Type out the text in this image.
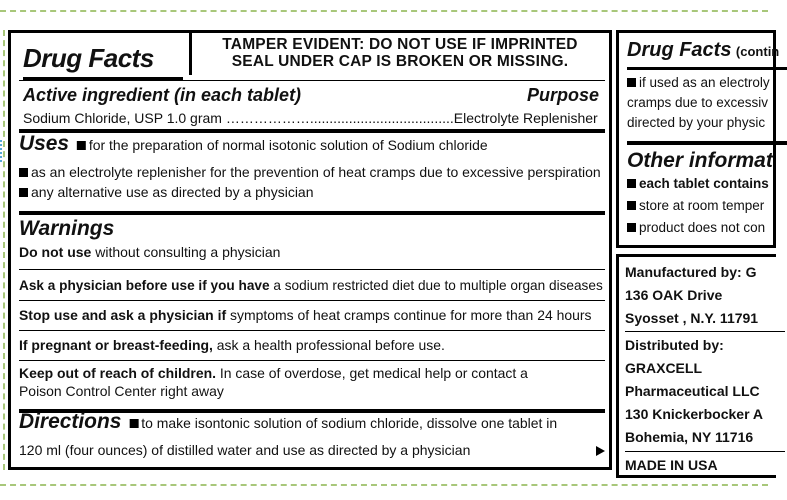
Drug Facts	TAMPER EVIDENT: DO NOT USE IF IMPRINTED
SEAL UNDER CAP IS BROKEN OR MISSING.
Active ingredient (in each tablet)	Purpose
Sodium Chloride, USP 1.0 gram ……………….....................................Electrolyte Replenisher
Uses for the preparation of normal isotonic solution of Sodium chloride
as an electrolyte replenisher for the prevention of heat cramps due to excessive perspiration
any alternative use as directed by a physician
Warnings
Do not use without consulting a physician
Ask a physician before use if you have a sodium restricted diet due to multiple organ diseases
Stop use and ask a physician if symptoms of heat cramps continue for more than 24 hours
If pregnant or breast-feeding, ask a health professional before use.
Keep out of reach of children. In case of overdose, get medical help or contact a
Poison Control Center right away
Directions to make isontonic solution of sodium chloride, dissolve one tablet in
120 ml (four ounces) of distilled water and use as directed by a physician
Drug Facts (contin
if used as an electroly
cramps due to excessiv
directed by your physic
Other informat
each tablet contains
store at room temper
product does not con
Manufactured by: G
136 OAK Drive
Syosset , N.Y. 11791
Distributed by:
GRAXCELL
Pharmaceutical LLC
130 Knickerbocker A
Bohemia, NY 11716
MADE IN USA
